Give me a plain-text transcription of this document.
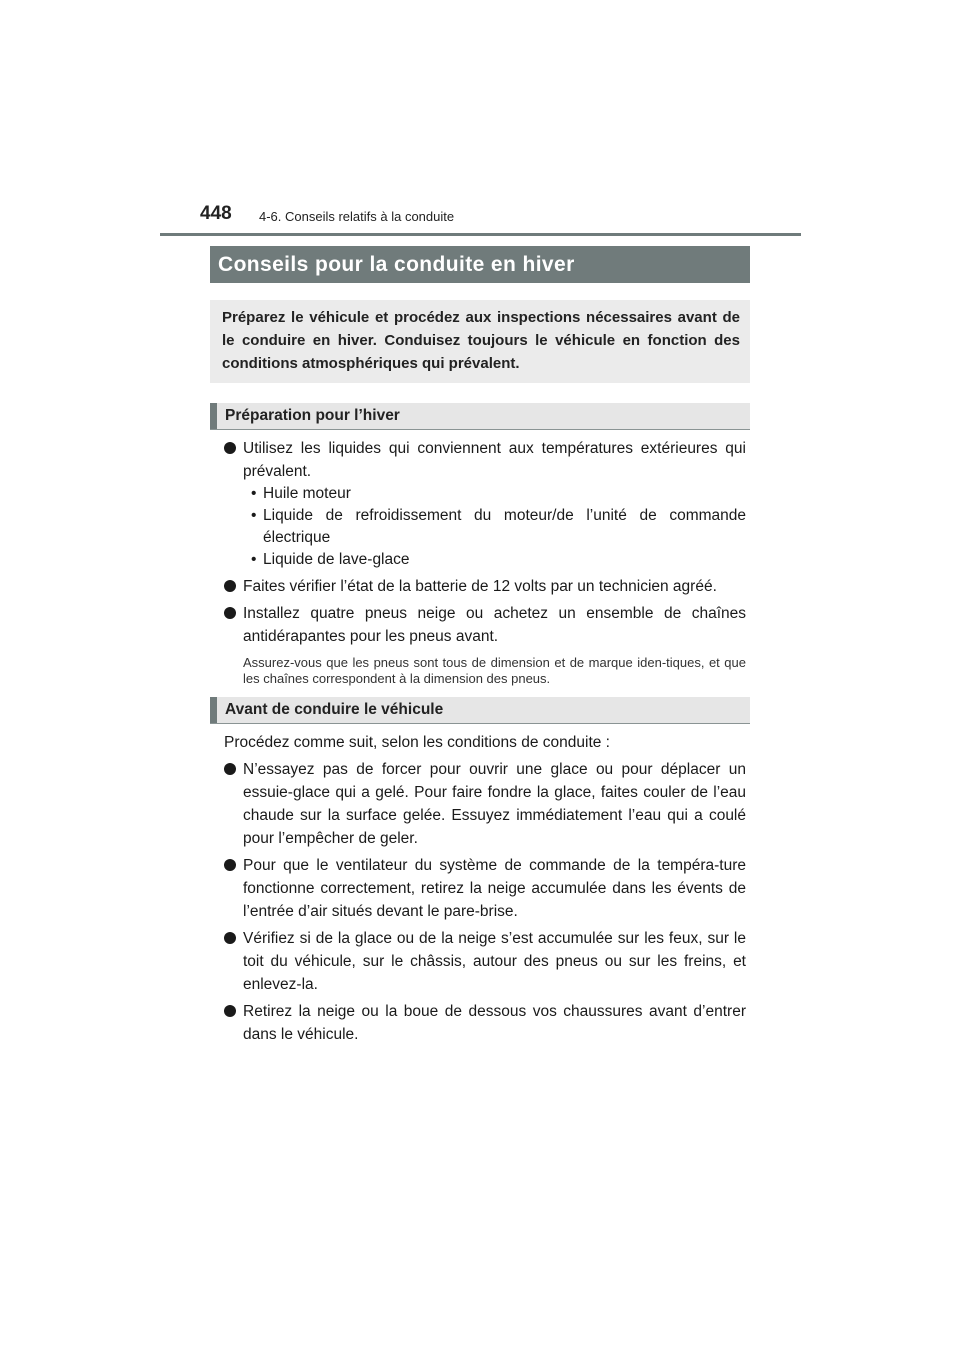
448 4-6. Conseils relatifs à la conduite
Conseils pour la conduite en hiver
Préparez le véhicule et procédez aux inspections nécessaires avant de le conduire en hiver. Conduisez toujours le véhicule en fonction des conditions atmosphériques qui prévalent.
Préparation pour l’hiver
Utilisez les liquides qui conviennent aux températures extérieures qui prévalent.
• Huile moteur
• Liquide de refroidissement du moteur/de l’unité de commande électrique
• Liquide de lave-glace
Faites vérifier l’état de la batterie de 12 volts par un technicien agréé.
Installez quatre pneus neige ou achetez un ensemble de chaînes antidérapantes pour les pneus avant.
Assurez-vous que les pneus sont tous de dimension et de marque iden-tiques, et que les chaînes correspondent à la dimension des pneus.
Avant de conduire le véhicule
Procédez comme suit, selon les conditions de conduite :
N’essayez pas de forcer pour ouvrir une glace ou pour déplacer un essuie-glace qui a gelé. Pour faire fondre la glace, faites couler de l’eau chaude sur la surface gelée. Essuyez immédiatement l’eau qui a coulé pour l’empêcher de geler.
Pour que le ventilateur du système de commande de la tempéra-ture fonctionne correctement, retirez la neige accumulée dans les évents de l’entrée d’air situés devant le pare-brise.
Vérifiez si de la glace ou de la neige s’est accumulée sur les feux, sur le toit du véhicule, sur le châssis, autour des pneus ou sur les freins, et enlevez-la.
Retirez la neige ou la boue de dessous vos chaussures avant d’entrer dans le véhicule.
